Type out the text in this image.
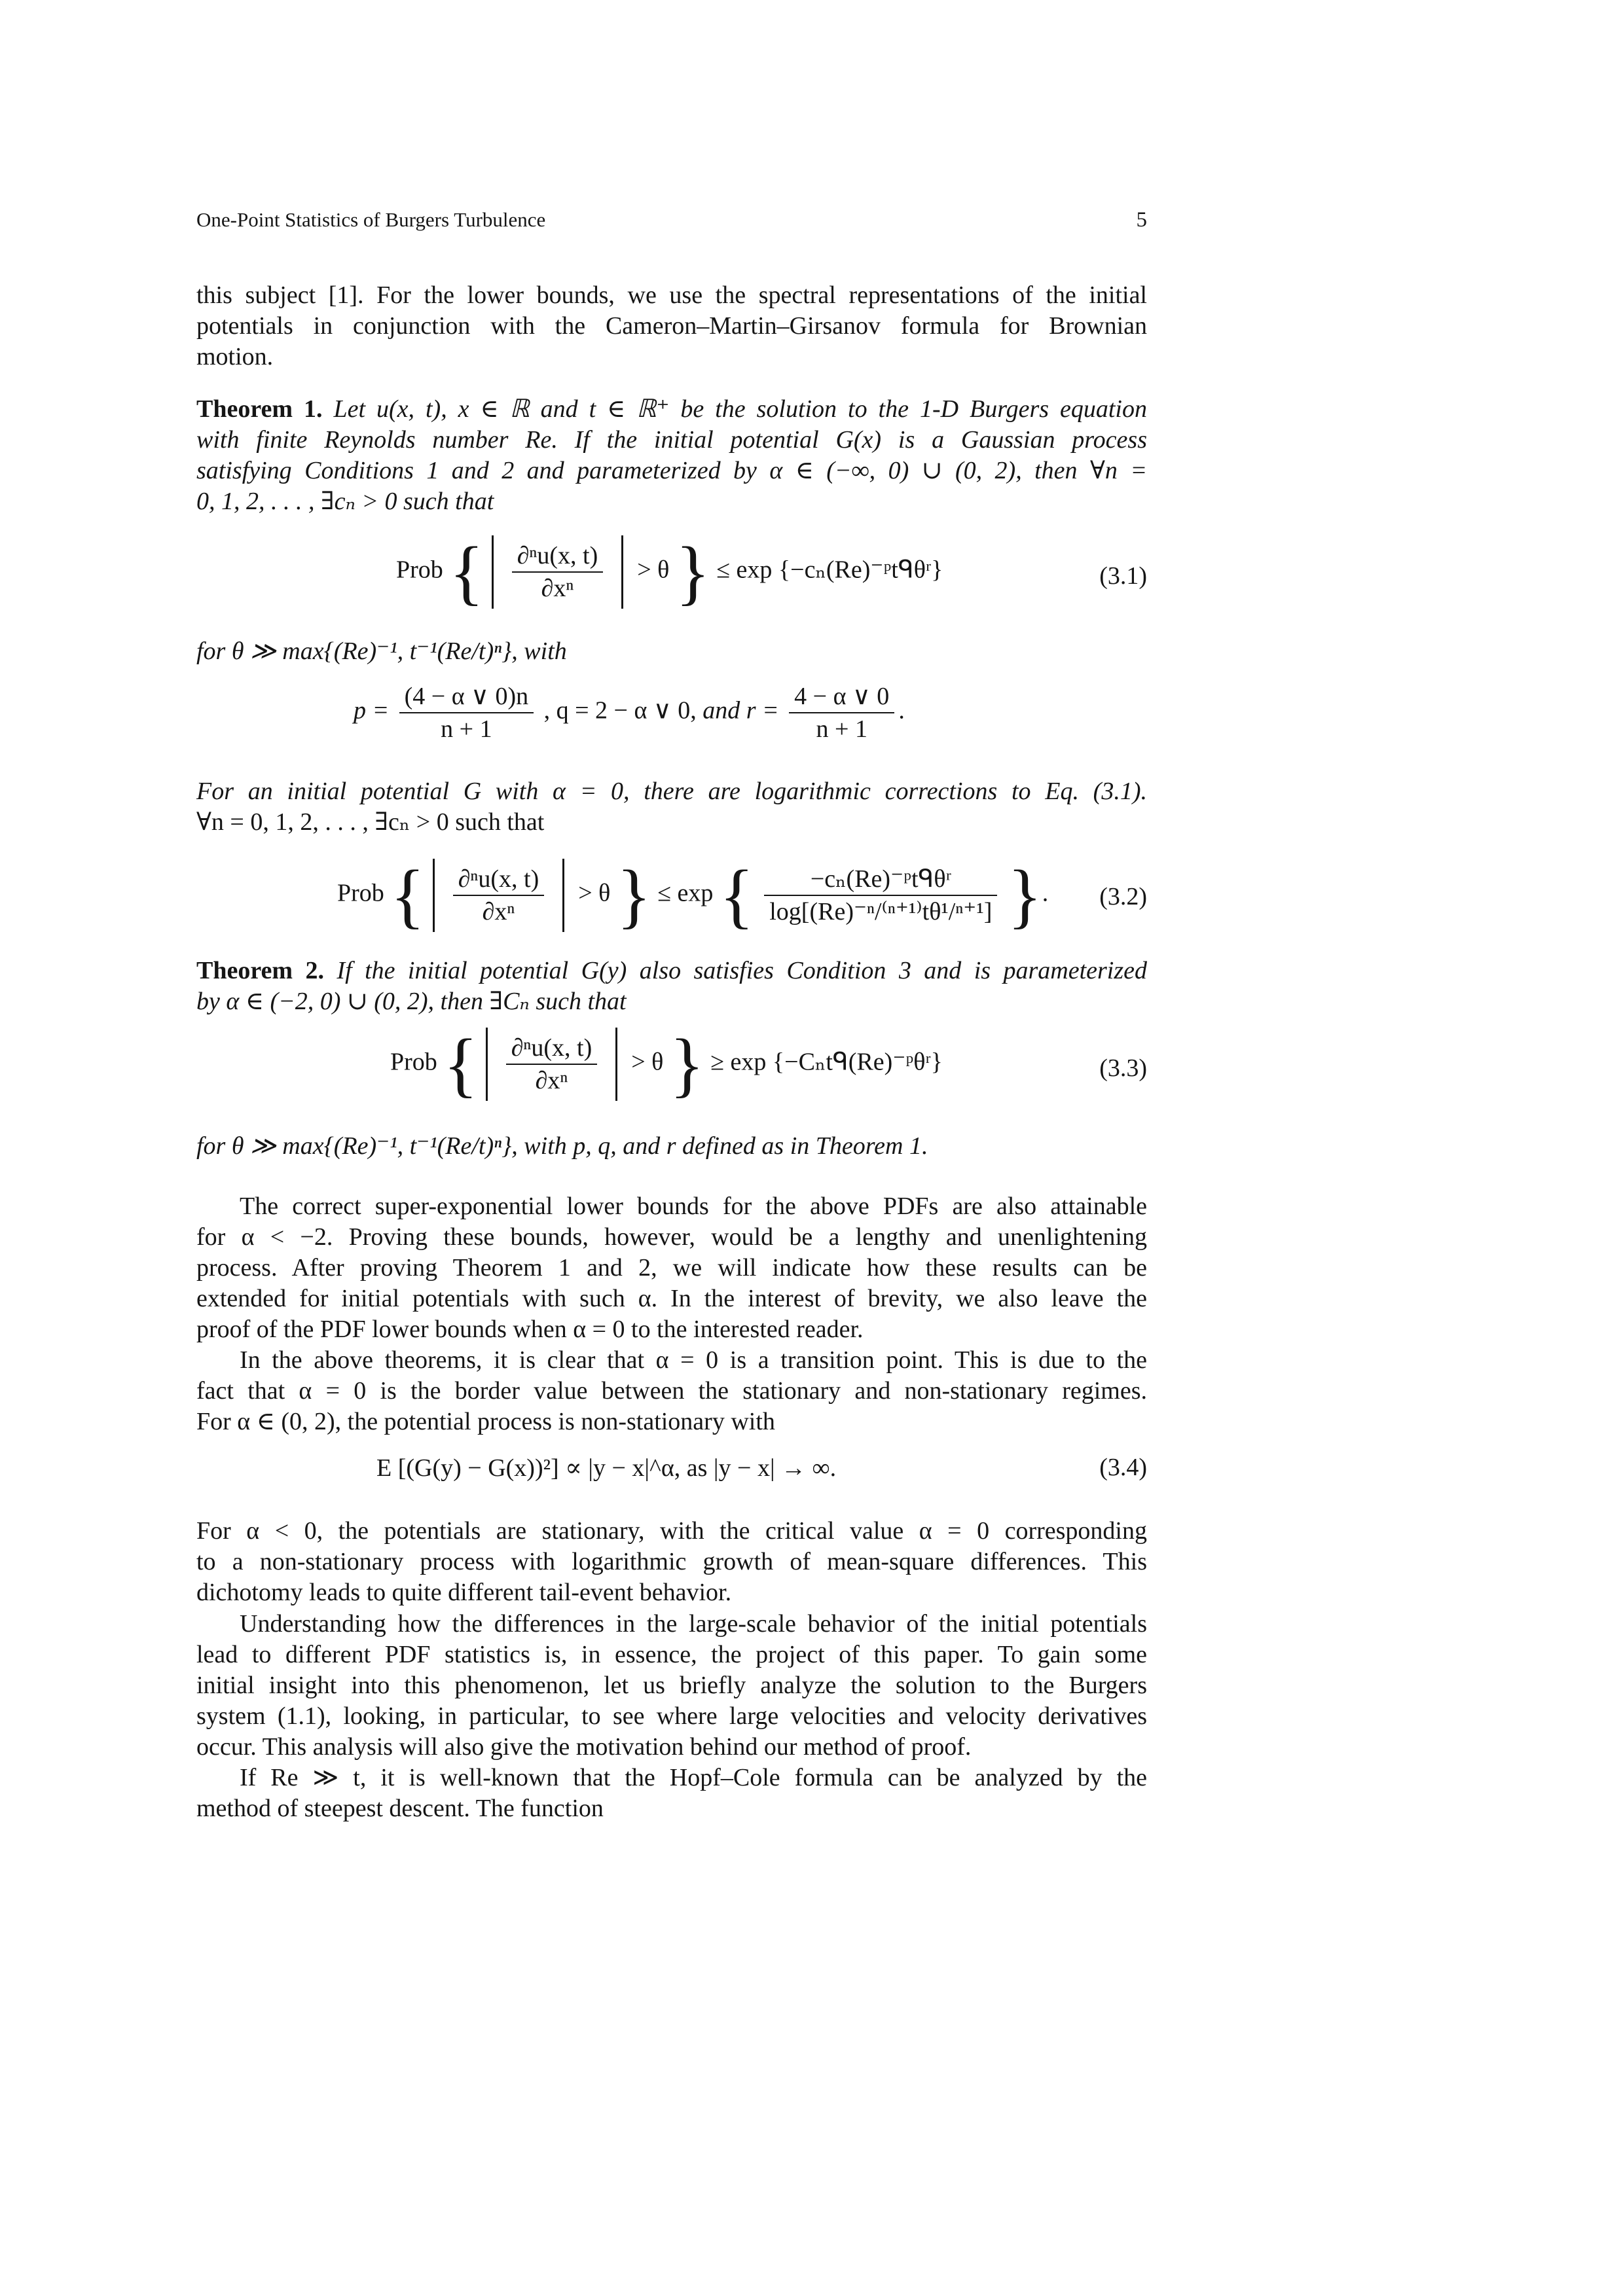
One-Point Statistics of Burgers Turbulence	5

this subject [1]. For the lower bounds, we use the spectral representations of the initial

potentials in conjunction with the Cameron–Martin–Girsanov formula for Brownian

motion.

Theorem 1. Let u(x, t), x ∈ ℝ and t ∈ ℝ⁺ be the solution to the 1-D Burgers equation

with finite Reynolds number Re. If the initial potential G(x) is a Gaussian process

satisfying Conditions 1 and 2 and parameterized by α ∈ (−∞, 0) ∪ (0, 2), then ∀n =

0, 1, 2, . . . , ∃cₙ > 0 such that

Prob { $\frac{\text{∂ⁿu(x, t)}}{\text{∂xⁿ}} > \theta$ } ≤ exp {−cₙ(Re)⁻ᵖtᑫθʳ}	(3.1)
for θ ≫ max{(Re)⁻¹, t⁻¹(Re/t)ⁿ}, with
$p = \frac{(4 - \alpha \vee 0)n}{n + 1}$ , q = 2 − α ∨ 0, and $r = \frac{4 - \alpha \vee 0}{n + 1}$ .

For an initial potential G with α = 0, there are logarithmic corrections to Eq. (3.1).

∀n = 0, 1, 2, . . . , ∃cₙ > 0 such that

Prob { $\frac{\text{∂ⁿu(x, t)}}{\text{∂xⁿ}} > \theta$ } ≤ exp { $\frac{\text{−cₙ(Re)⁻ᵖtᑫθʳ}}{\text{log[(Re)⁻ⁿ/⁽ⁿ⁺¹⁾tθ¹/ⁿ⁺¹]}}$ }. (3.2)

Theorem 2. If the initial potential G(y) also satisfies Condition 3 and is parameterized

by α ∈ (−2, 0) ∪ (0, 2), then ∃Cₙ such that

Prob { $\frac{\text{∂ⁿu(x, t)}}{\text{∂xⁿ}} > \theta$ } ≥ exp {−Cₙtᑫ(Re)⁻ᵖθʳ}	(3.3)
for θ ≫ max{(Re)⁻¹, t⁻¹(Re/t)ⁿ}, with p, q, and r defined as in Theorem 1.

The correct super-exponential lower bounds for the above PDFs are also attainable

for α < −2. Proving these bounds, however, would be a lengthy and unenlightening

process. After proving Theorem 1 and 2, we will indicate how these results can be

extended for initial potentials with such α. In the interest of brevity, we also leave the

proof of the PDF lower bounds when α = 0 to the interested reader.

In the above theorems, it is clear that α = 0 is a transition point. This is due to the

fact that α = 0 is the border value between the stationary and non-stationary regimes.

For α ∈ (0, 2), the potential process is non-stationary with

E [(G(y) − G(x))²] ∝ |y − x|^α, as |y − x| → ∞.	(3.4)

For α < 0, the potentials are stationary, with the critical value α = 0 corresponding

to a non-stationary process with logarithmic growth of mean-square differences. This

dichotomy leads to quite different tail-event behavior.

Understanding how the differences in the large-scale behavior of the initial potentials

lead to different PDF statistics is, in essence, the project of this paper. To gain some

initial insight into this phenomenon, let us briefly analyze the solution to the Burgers

system (1.1), looking, in particular, to see where large velocities and velocity derivatives

occur. This analysis will also give the motivation behind our method of proof.

If Re ≫ t, it is well-known that the Hopf–Cole formula can be analyzed by the

method of steepest descent. The function
